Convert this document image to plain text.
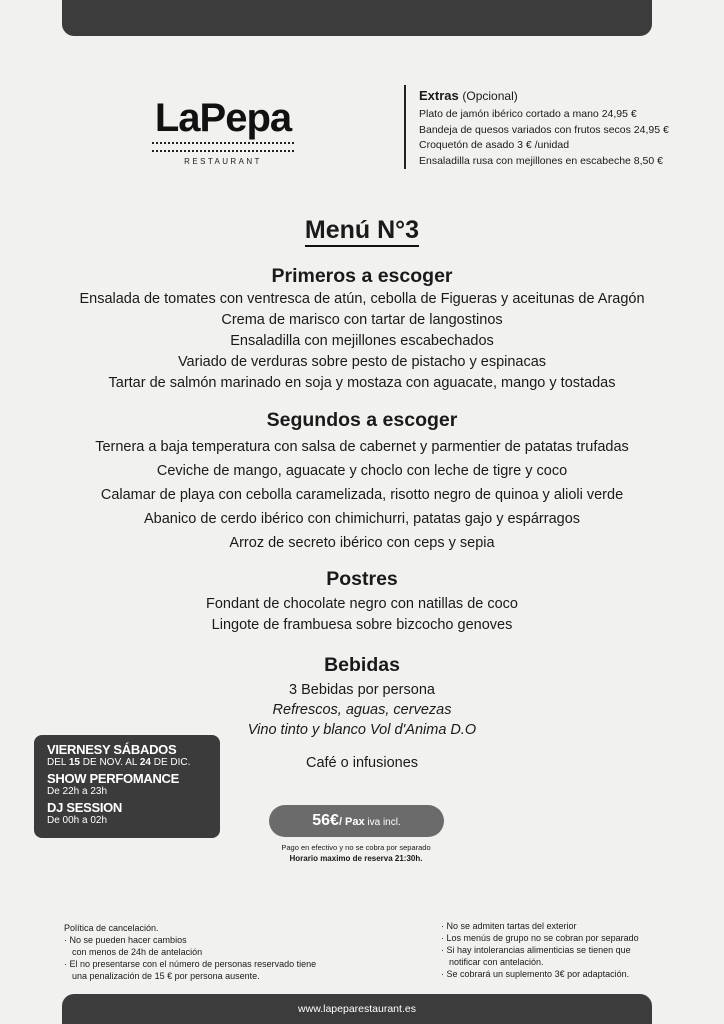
LaPepa
RESTAURANT
Extras (Opcional)
Plato de jamón ibérico cortado a mano 24,95 €
Bandeja de quesos variados con frutos secos 24,95 €
Croquetón de asado 3 € /unidad
Ensaladilla rusa con mejillones en escabeche 8,50 €
Menú N°3
Primeros a escoger
Ensalada de tomates con ventresca de atún, cebolla de Figueras y aceitunas de Aragón
Crema de marisco con tartar de langostinos
Ensaladilla con mejillones escabechados
Variado de verduras sobre pesto de pistacho y espinacas
Tartar de salmón marinado en soja y mostaza con aguacate, mango y tostadas
Segundos a escoger
Ternera a baja temperatura con salsa de cabernet y parmentier de patatas trufadas
Ceviche de mango, aguacate y choclo con leche de tigre y coco
Calamar de playa con cebolla caramelizada, risotto negro de quinoa y alioli verde
Abanico de cerdo ibérico con chimichurri, patatas gajo y espárragos
Arroz de secreto ibérico con ceps y sepia
Postres
Fondant de chocolate negro con natillas de coco
Lingote de frambuesa sobre bizcocho genoves
Bebidas
3 Bebidas por persona
Refrescos, aguas, cervezas
Vino tinto y blanco Vol d'Anima D.O
Café o infusiones
VIERNESY SÁBADOS
DEL 15 DE NOV. AL 24 DE DIC.
SHOW PERFOMANCE
De 22h a 23h
DJ SESSION
De 00h a 02h	56€/ Pax iva incl.
Pago en efectivo y no se cobra por separado
Horario maximo de reserva 21:30h.
Política de cancelación.
· No se pueden hacer cambios
con menos de 24h de antelación
· El no presentarse con el número de personas reservado tiene
una penalización de 15 € por persona ausente.
· No se admiten tartas del exterior
· Los menús de grupo no se cobran por separado
· Si hay intolerancias alimenticias se tienen que
notificar con antelación.
· Se cobrará un suplemento 3€ por adaptación.
www.lapeparestaurant.es
